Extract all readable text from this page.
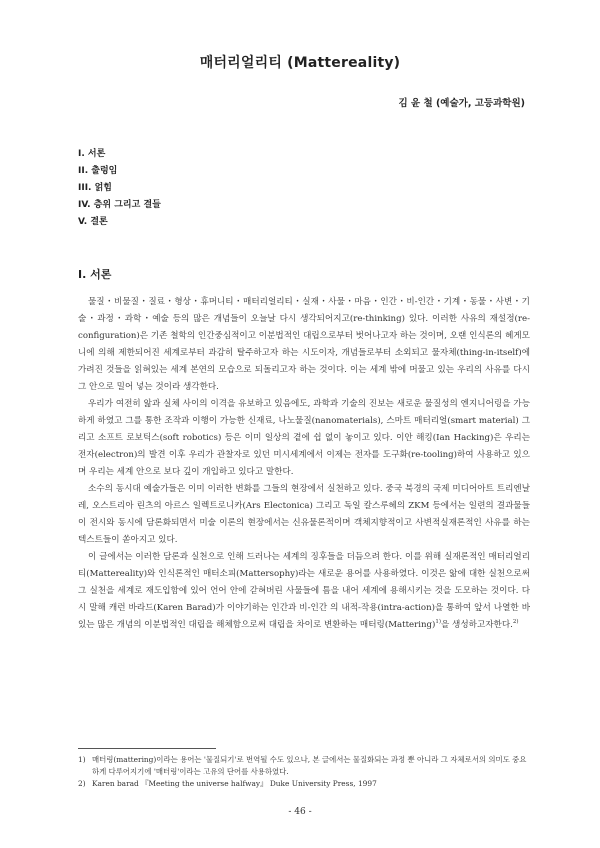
매터리얼리티 (Mattereality)
김 윤 철 (예술가, 고등과학원)
I. 서론
II. 출렁임
III. 얽힘
IV. 층위 그리고 결들
V. 결론
I. 서론

물질・비물질・질료・형상・휴머니티・매터리얼리티・실재・사물・마음・인간・비-인간・기계・동물・사변・기술・과정・과학・예술 등의 많은 개념들이 오늘날 다시 생각되어지고(re-thinking) 있다. 이러한 사유의 재설정(re-configuration)은 기존 철학의 인간중심적이고 이분법적인 대립으로부터 벗어나고자 하는 것이며, 오랜 인식론의 헤게모니에 의해 제한되어진 세계로부터 과감히 탈주하고자 하는 시도이자, 개념들로부터 소외되고 물자체(thing-in-itself)에 가려진 것들을 읽혀있는 세계 본연의 모습으로 되돌리고자 하는 것이다. 이는 세계 밖에 머물고 있는 우리의 사유를 다시 그 안으로 밀어 넣는 것이라 생각한다.

우리가 여전히 앎과 실체 사이의 이격을 유보하고 있음에도, 과학과 기술의 진보는 새로운 물질성의 엔지니어링을 가능하게 하였고 그를 통한 조작과 이행이 가능한 신재료, 나노물질(nanomaterials), 스마트 매터리얼(smart material) 그리고 소프트 로보틱스(soft robotics) 등은 이미 일상의 곁에 쉽 없이 놓이고 있다. 이안 해킹(Ian Hacking)은 우리는 전자(electron)의 발견 이후 우리가 관찰자로 있던 미시세계에서 이제는 전자를 도구화(re-tooling)하여 사용하고 있으며 우리는 세계 안으로 보다 깊이 개입하고 있다고 말한다.

소수의 동시대 예술가들은 이미 이러한 변화를 그들의 현장에서 실천하고 있다. 중국 북경의 국제 미디어아트 트리엔날레, 오스트리아 린츠의 아르스 일렉트로니카(Ars Electonica) 그리고 독일 칼스루헤의 ZKM 등에서는 일련의 결과물들이 전시와 동시에 담론화되면서 미술 이론의 현장에서는 신유물론적이며 객체지향적이고 사변적실재론적인 사유를 하는 텍스트들이 쏟아지고 있다.

이 글에서는 이러한 담론과 실천으로 인해 드러나는 세계의 징후들을 더듬으려 한다. 이를 위해 실재론적인 매터리얼리티(Mattereality)와 인식론적인 매터소피(Mattersophy)라는 새로운 용어를 사용하였다. 이것은 앎에 대한 실천으로써 그 실천을 세계로 재도입함에 있어 언어 안에 갇혀버린 사물들에 틈을 내어 세계에 용해시키는 것을 도모하는 것이다. 다시 말해 캐런 바라드(Karen Barad)가 이야기하는 인간과 비-인간 의 내적-작용(intra-action)을 통하여 앞서 나열한 바 있는 많은 개념의 이분법적인 대립을 해체함으로써 대립을 차이로 변환하는 매터링(Mattering)$^{1)}$을 생성하고자한다.$^{2)}$

1) 매터링(mattering)이라는 용어는 '물질되기'로 번역될 수도 있으나, 본 글에서는 물질화되는 과정 뿐 아니라 그 자체로서의 의미도 중요하게 다루어지기에 '매터링'이라는 고유의 단어를 사용하였다.
2) Karen barad 『Meeting the universe halfway』 Duke University Press, 1997
- 46 -
